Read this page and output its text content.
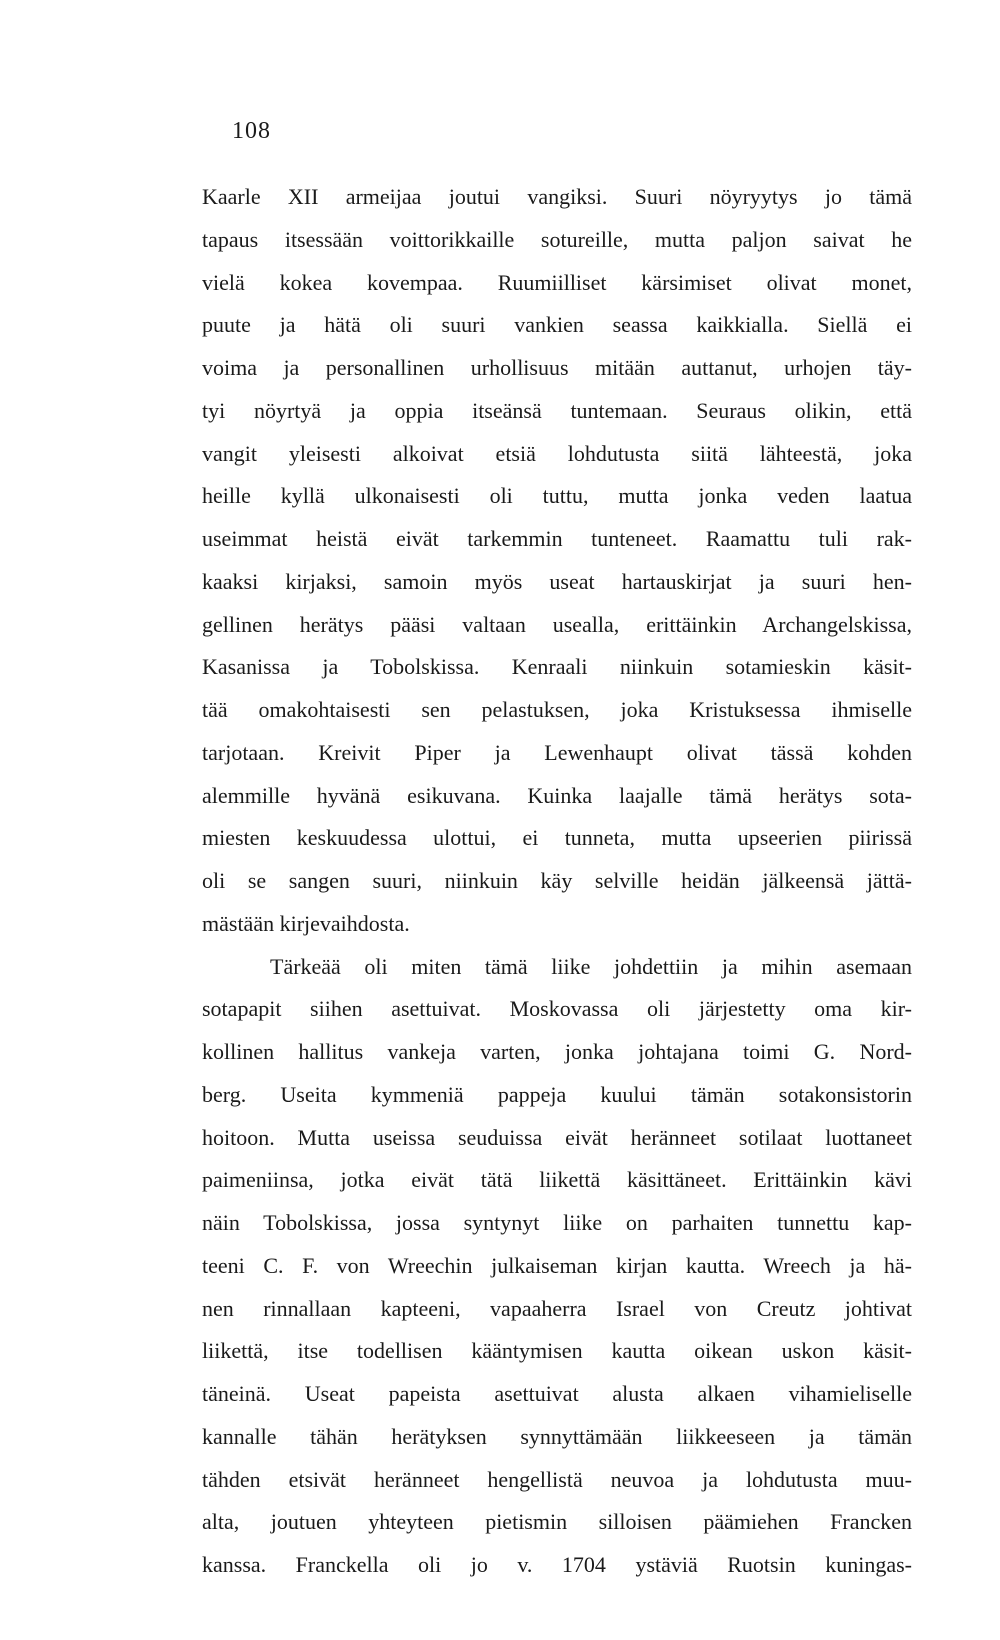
108
Kaarle XII armeijaa joutui vangiksi. Suuri nöyryytys jo tämä
tapaus itsessään voittorikkaille sotureille, mutta paljon saivat he
vielä kokea kovempaa. Ruumiilliset kärsimiset olivat monet,
puute ja hätä oli suuri vankien seassa kaikkialla. Siellä ei
voima ja personallinen urhollisuus mitään auttanut, urhojen täy-
tyi nöyrtyä ja oppia itseänsä tuntemaan. Seuraus olikin, että
vangit yleisesti alkoivat etsiä lohdutusta siitä lähteestä, joka
heille kyllä ulkonaisesti oli tuttu, mutta jonka veden laatua
useimmat heistä eivät tarkemmin tunteneet. Raamattu tuli rak-
kaaksi kirjaksi, samoin myös useat hartauskirjat ja suuri hen-
gellinen herätys pääsi valtaan usealla, erittäinkin Archangelskissa,
Kasanissa ja Tobolskissa. Kenraali niinkuin sotamieskin käsit-
tää omakohtaisesti sen pelastuksen, joka Kristuksessa ihmiselle
tarjotaan. Kreivit Piper ja Lewenhaupt olivat tässä kohden
alemmille hyvänä esikuvana. Kuinka laajalle tämä herätys sota-
miesten keskuudessa ulottui, ei tunneta, mutta upseerien piirissä
oli se sangen suuri, niinkuin käy selville heidän jälkeensä jättä-
mästään kirjevaihdosta.
Tärkeää oli miten tämä liike johdettiin ja mihin asemaan
sotapapit siihen asettuivat. Moskovassa oli järjestetty oma kir-
kollinen hallitus vankeja varten, jonka johtajana toimi G. Nord-
berg. Useita kymmeniä pappeja kuului tämän sotakonsistorin
hoitoon. Mutta useissa seuduissa eivät heränneet sotilaat luottaneet
paimeniinsa, jotka eivät tätä liikettä käsittäneet. Erittäinkin kävi
näin Tobolskissa, jossa syntynyt liike on parhaiten tunnettu kap-
teeni C. F. von Wreechin julkaiseman kirjan kautta. Wreech ja hä-
nen rinnallaan kapteeni, vapaaherra Israel von Creutz johtivat
liikettä, itse todellisen kääntymisen kautta oikean uskon käsit-
täneinä. Useat papeista asettuivat alusta alkaen vihamieliselle
kannalle tähän herätyksen synnyttämään liikkeeseen ja tämän
tähden etsivät heränneet hengellistä neuvoa ja lohdutusta muu-
alta, joutuen yhteyteen pietismin silloisen päämiehen Francken
kanssa. Franckella oli jo v. 1704 ystäviä Ruotsin kuningas-
